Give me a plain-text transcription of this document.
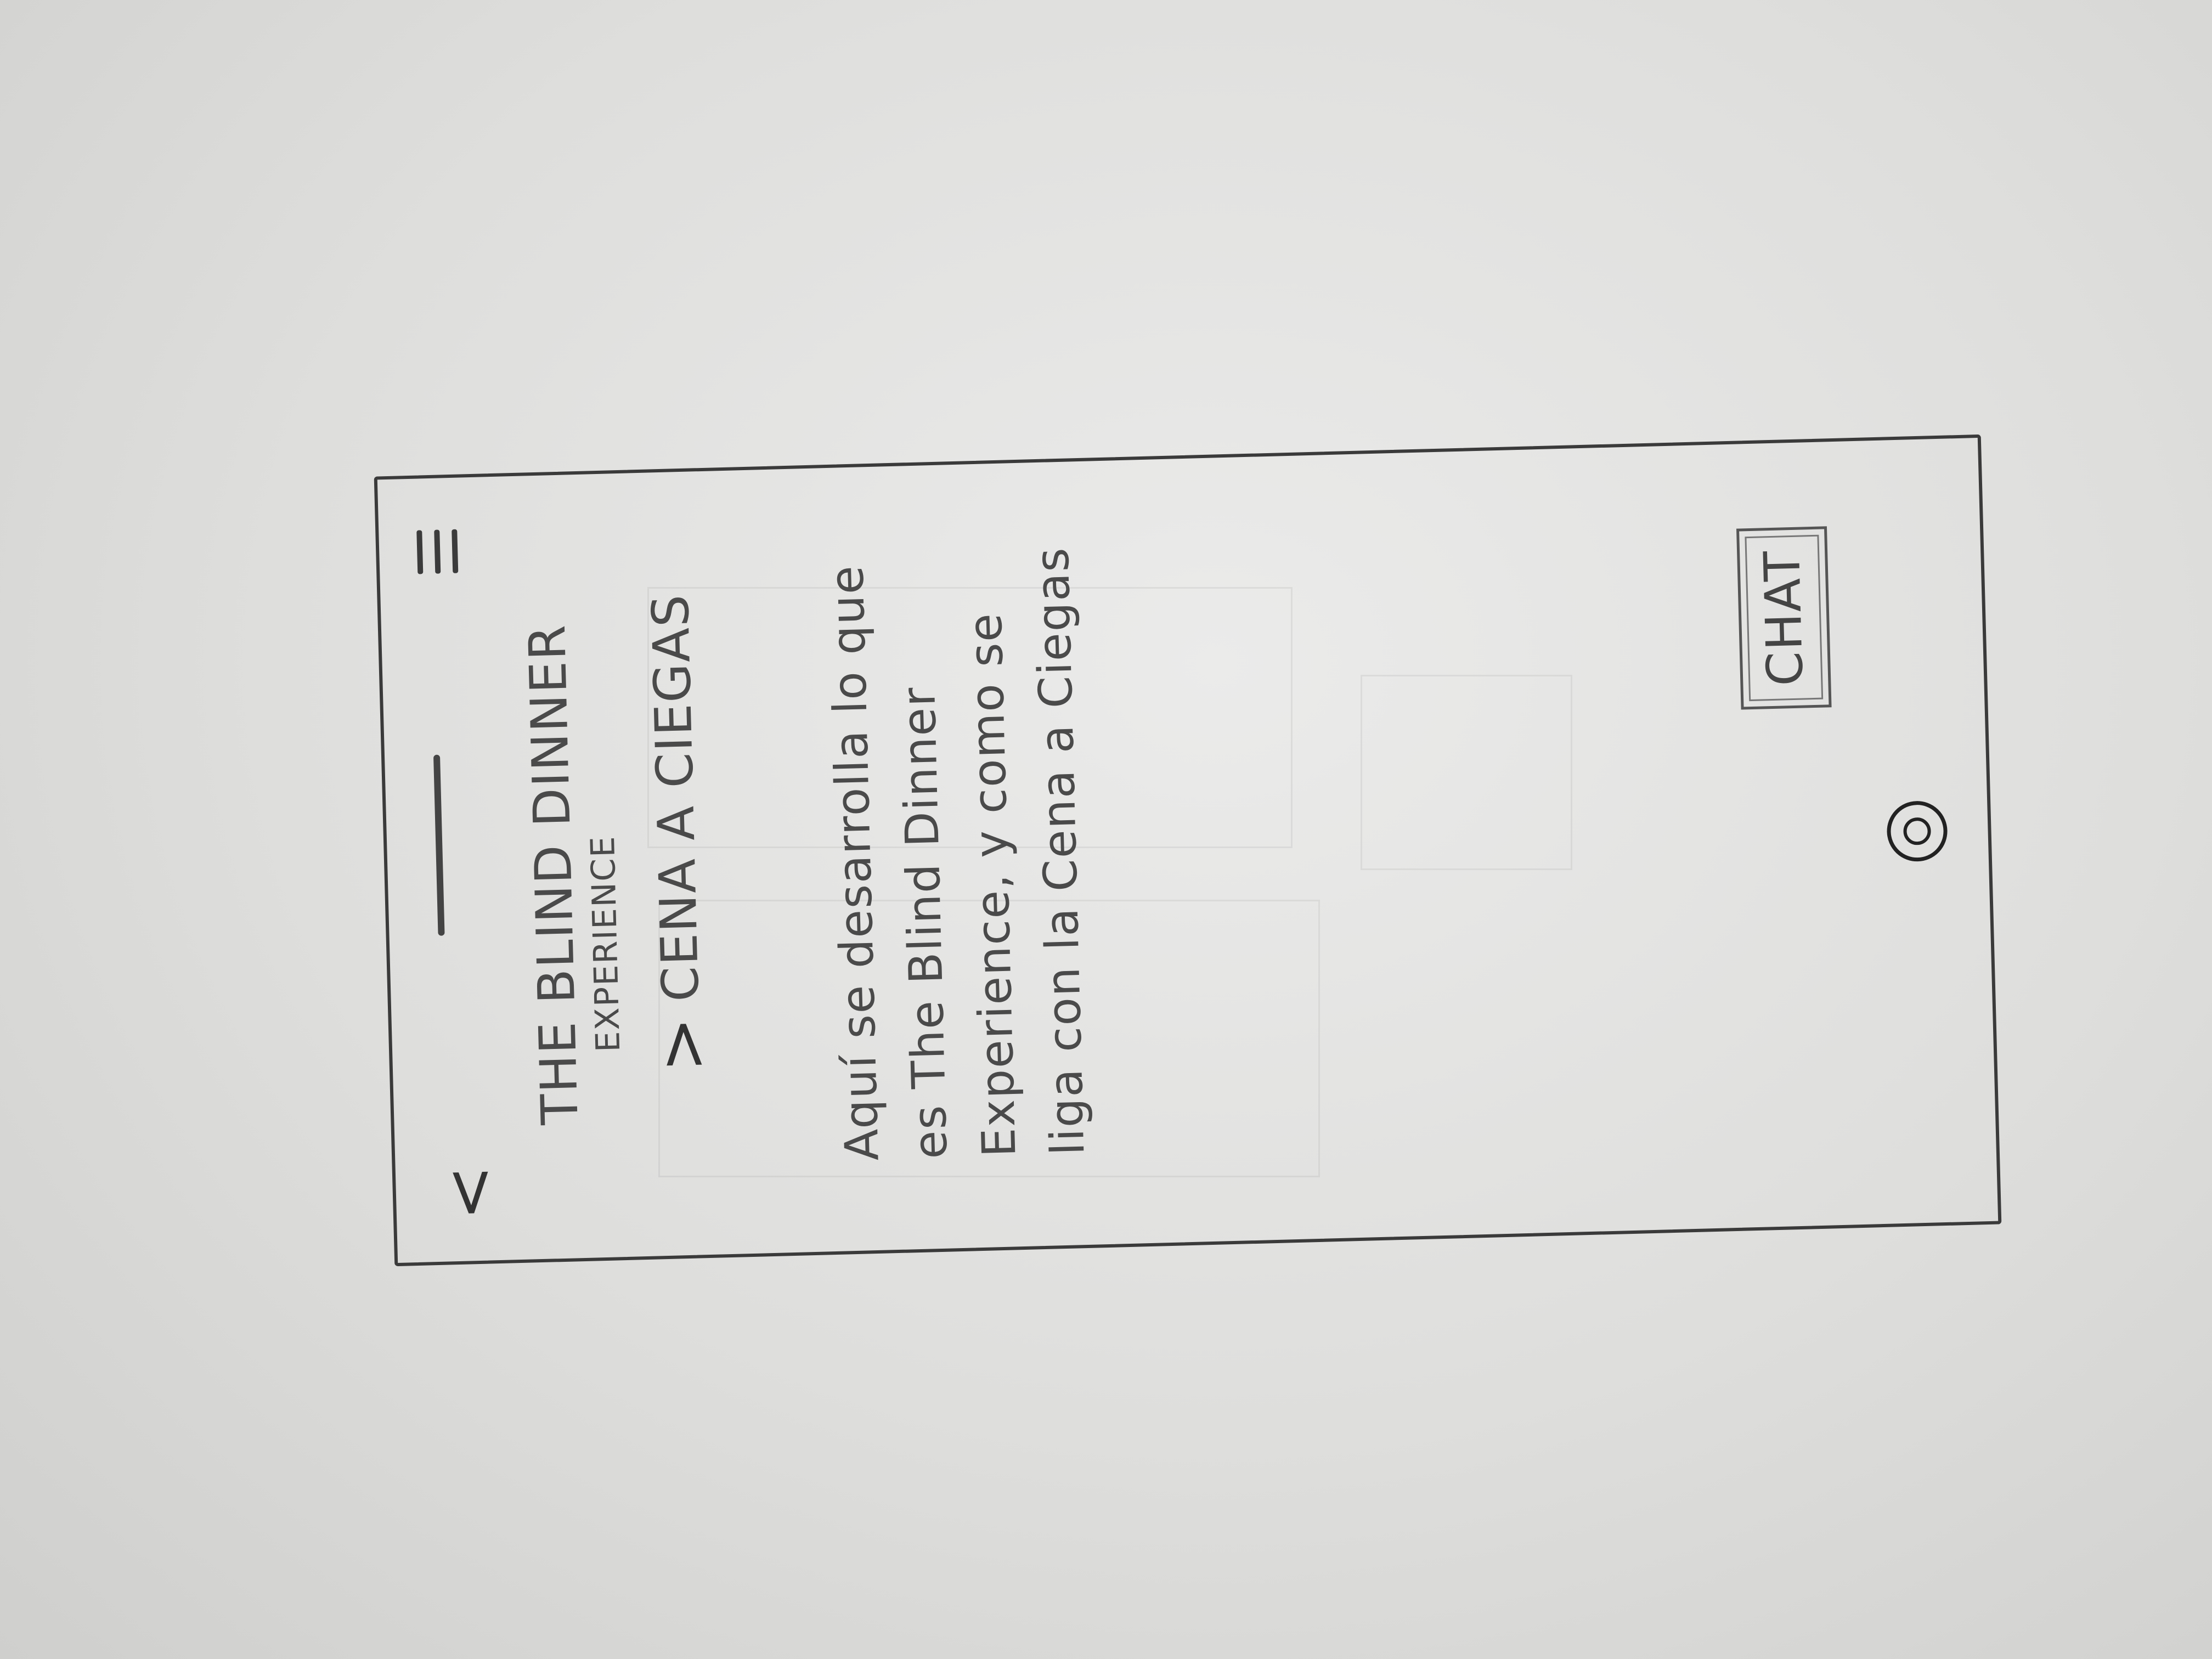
<
THE BLIND DINNER
EXPERIENCE >
CENA A CIEGAS Aquí se desarrolla lo que es The Blind Dinner Experience, y como se liga con la Cena a Ciegas	CHAT
